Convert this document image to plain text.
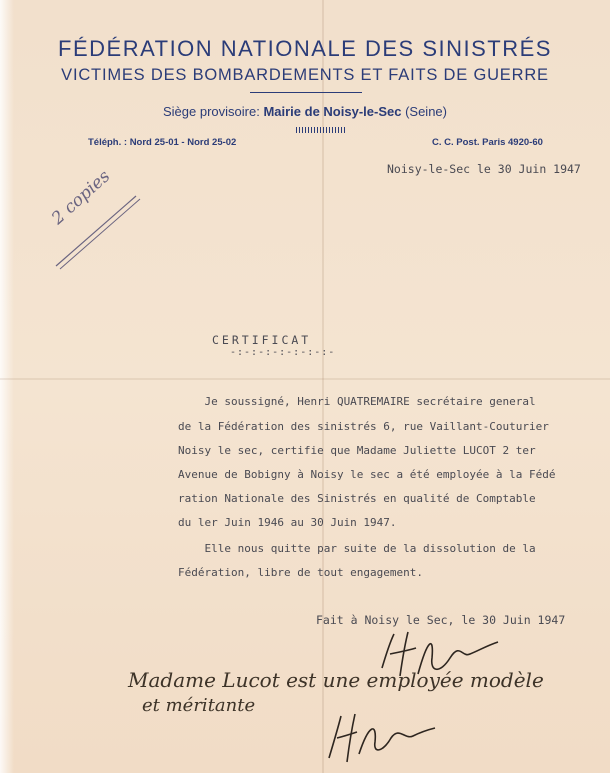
FÉDÉRATION NATIONALE DES SINISTRÉS
VICTIMES DES BOMBARDEMENTS ET FAITS DE GUERRE
Siège provisoire: Mairie de Noisy-le-Sec (Seine)
Téléph. : Nord 25-01 - Nord 25-02	C. C. Post. Paris 4920-60
Noisy-le-Sec le 30 Juin 1947
2 copies
CERTIFICAT
-:-:-:-:-:-:-:-
Je soussigné, Henri QUATREMAIRE secrétaire general
de la Fédération des sinistrés 6, rue Vaillant-Couturier
Noisy le sec, certifie que Madame Juliette LUCOT 2 ter
Avenue de Bobigny à Noisy le sec a été employée à la Fédé
ration Nationale des Sinistrés en qualité de Comptable
du ler Juin 1946 au 30 Juin 1947.
Elle nous quitte par suite de la dissolution de la
Fédération, libre de tout engagement.
Fait à Noisy le Sec, le 30 Juin 1947
Madame Lucot est une employée modèle
et méritante
